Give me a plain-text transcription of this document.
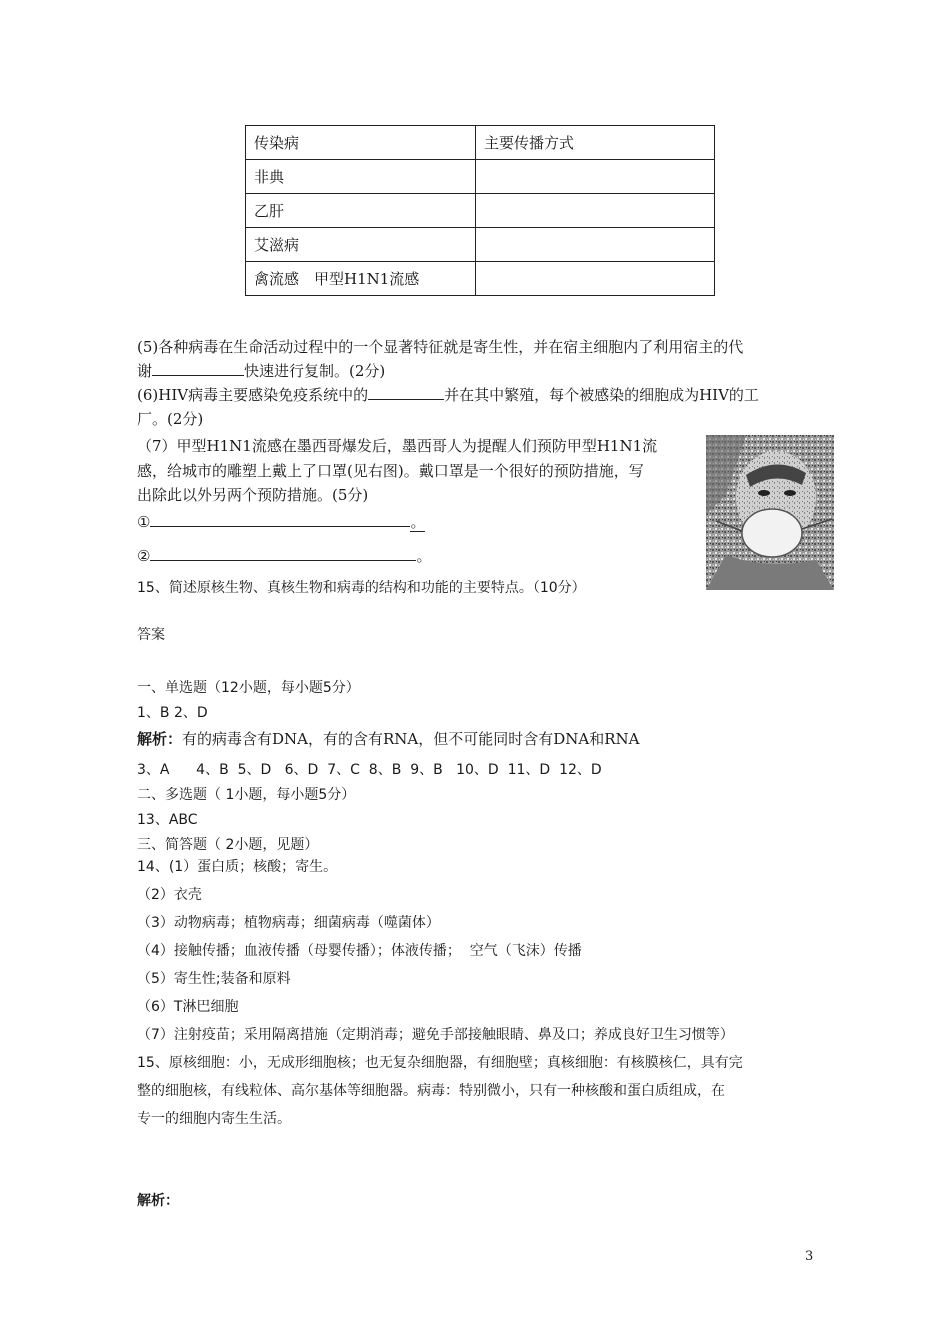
传染病	主要传播方式
非典	
乙肝	
艾滋病	
禽流感　甲型H1N1流感	
(5)各种病毒在生命活动过程中的一个显著特征就是寄生性，并在宿主细胞内了利用宿主的代
谢	快速进行复制。(2分)
(6)HIV病毒主要感染免疫系统中的	并在其中繁殖，每个被感染的细胞成为HIV的工
厂。(2分)
（7）甲型H1N1流感在墨西哥爆发后，墨西哥人为提醒人们预防甲型H1N1流
感，给城市的雕塑上戴上了口罩(见右图)。戴口罩是一个很好的预防措施，写
出除此以外另两个预防措施。(5分)
①	。
②	。
15、简述原核生物、真核生物和病毒的结构和功能的主要特点。（10分）
答案
一、单选题（12小题，每小题5分）
1、B 2、D
解析：有的病毒含有DNA，有的含有RNA，但不可能同时含有DNA和RNA
3、A      4、B  5、D   6、D  7、C  8、B  9、B   10、D  11、D  12、D
二、多选题（ 1小题，每小题5分）
13、ABC
三、简答题（ 2小题，见题）
14、(1）蛋白质；核酸；寄生。
（2）衣壳
（3）动物病毒；植物病毒；细菌病毒（噬菌体）
（4）接触传播；血液传播（母婴传播）；体液传播；  空气（飞沫）传播
（5）寄生性;装备和原料
（6）T淋巴细胞
（7）注射疫苗；采用隔离措施（定期消毒；避免手部接触眼睛、鼻及口；养成良好卫生习惯等）
15、原核细胞：小，无成形细胞核；也无复杂细胞器，有细胞壁；真核细胞：有核膜核仁，具有完
整的细胞核，有线粒体、高尔基体等细胞器。病毒：特别微小，只有一种核酸和蛋白质组成，在
专一的细胞内寄生生活。
解析：
3
